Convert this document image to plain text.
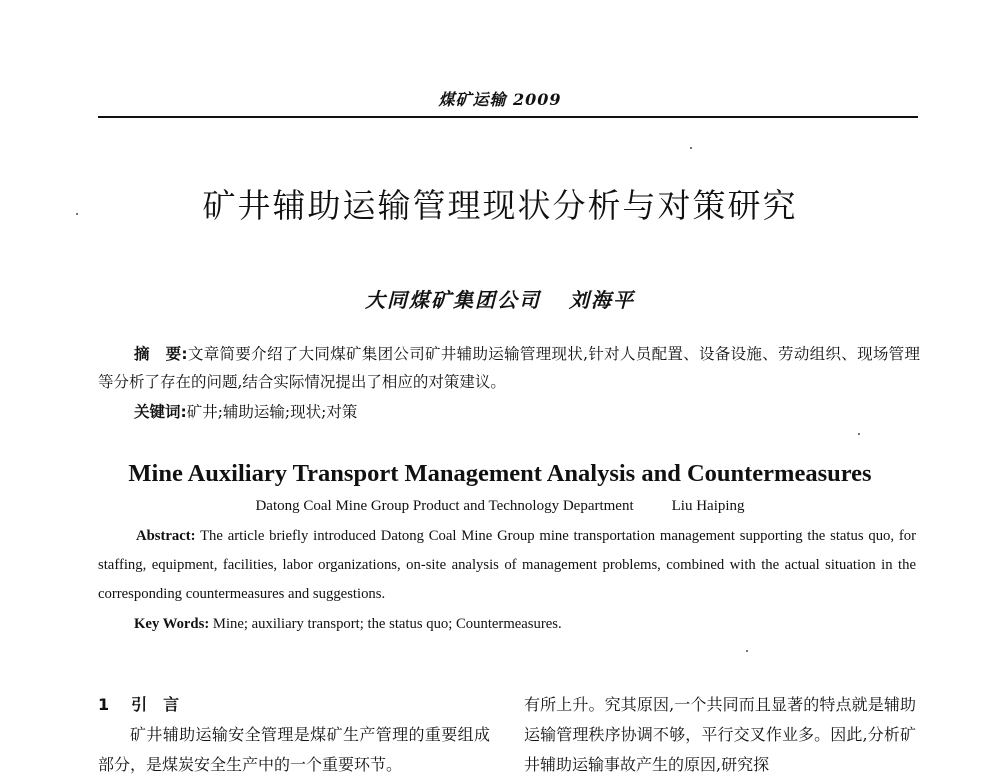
煤矿运输 2009
矿井辅助运输管理现状分析与对策研究
大同煤矿集团公司 刘海平
摘　要:文章简要介绍了大同煤矿集团公司矿井辅助运输管理现状,针对人员配置、设备设施、劳动组织、现场管理等分析了存在的问题,结合实际情况提出了相应的对策建议。
关键词:矿井;辅助运输;现状;对策
Mine Auxiliary Transport Management Analysis and Countermeasures
Datong Coal Mine Group Product and Technology Department	Liu Haiping
Abstract: The article briefly introduced Datong Coal Mine Group mine transportation management supporting the status quo, for staffing, equipment, facilities, labor organizations, on-site analysis of management problems, combined with the actual situation in the corresponding countermeasures and suggestions.
Key Words: Mine; auxiliary transport; the status quo; Countermeasures.
1 引　言
矿井辅助运输安全管理是煤矿生产管理的重要组成部分，是煤炭安全生产中的一个重要环节。
有所上升。究其原因,一个共同而且显著的特点就是辅助运输管理秩序协调不够，平行交叉作业多。因此,分析矿井辅助运输事故产生的原因,研究探
